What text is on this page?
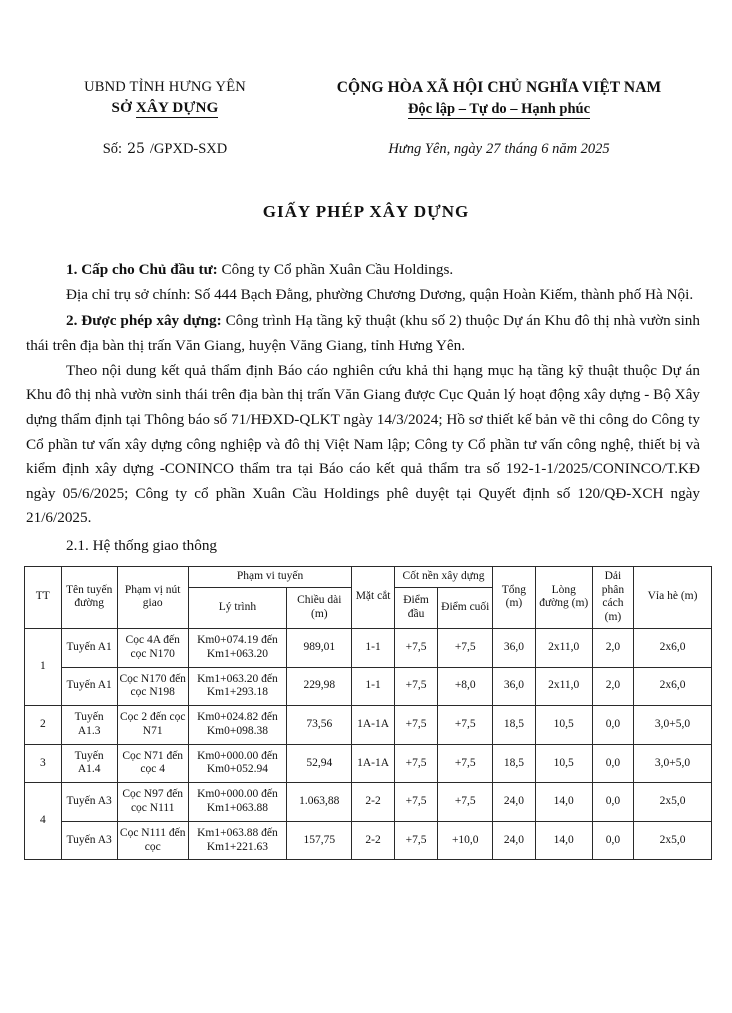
UBND TỈNH HƯNG YÊN
SỞ XÂY DỰNG
CỘNG HÒA XÃ HỘI CHỦ NGHĨA VIỆT NAM
Độc lập – Tự do – Hạnh phúc
Số: 25 /GPXD-SXD	Hưng Yên, ngày 27 tháng 6 năm 2025
GIẤY PHÉP XÂY DỰNG

1. Cấp cho Chủ đầu tư: Công ty Cổ phần Xuân Cầu Holdings.

Địa chỉ trụ sở chính: Số 444 Bạch Đằng, phường Chương Dương, quận Hoàn Kiếm, thành phố Hà Nội.

2. Được phép xây dựng: Công trình Hạ tầng kỹ thuật (khu số 2) thuộc Dự án Khu đô thị nhà vườn sinh thái trên địa bàn thị trấn Văn Giang, huyện Văng Giang, tỉnh Hưng Yên.

Theo nội dung kết quả thẩm định Báo cáo nghiên cứu khả thi hạng mục hạ tầng kỹ thuật thuộc Dự án Khu đô thị nhà vườn sinh thái trên địa bàn thị trấn Văn Giang được Cục Quản lý hoạt động xây dựng - Bộ Xây dựng thẩm định tại Thông báo số 71/HĐXD-QLKT ngày 14/3/2024; Hồ sơ thiết kế bản vẽ thi công do Công ty Cổ phần tư vấn xây dựng công nghiệp và đô thị Việt Nam lập; Công ty Cổ phần tư vấn công nghệ, thiết bị và kiểm định xây dựng -CONINCO thẩm tra tại Báo cáo kết quả thẩm tra số 192-1-1/2025/CONINCO/T.KĐ ngày 05/6/2025; Công ty cổ phần Xuân Cầu Holdings phê duyệt tại Quyết định số 120/QĐ-XCH ngày 21/6/2025.

2.1. Hệ thống giao thông

TT	Tên tuyến đường	Phạm vị nút giao	Phạm vi tuyến		Mặt cắt	Cốt nền xây dựng		Tổng (m)	Lòng đường (m)	Dải phân cách (m)	Vỉa hè (m)
			Lý trình	Chiều dài (m)		Điểm đầu	Điểm cuối				

1	Tuyến A1	Cọc 4A đến cọc N170	Km0+074.19 đến Km1+063.20	989,01	1-1	+7,5	+7,5	36,0	2x11,0	2,0	2x6,0
	Tuyến A1	Cọc N170 đến cọc N198	Km1+063.20 đến Km1+293.18	229,98	1-1	+7,5	+8,0	36,0	2x11,0	2,0	2x6,0
2	Tuyến A1.3	Cọc 2 đến cọc N71	Km0+024.82 đến Km0+098.38	73,56	1A-1A	+7,5	+7,5	18,5	10,5	0,0	3,0+5,0
3	Tuyến A1.4	Cọc N71 đến cọc 4	Km0+000.00 đến Km0+052.94	52,94	1A-1A	+7,5	+7,5	18,5	10,5	0,0	3,0+5,0
4	Tuyến A3	Cọc N97 đến cọc N111	Km0+000.00 đến Km1+063.88	1.063,88	2-2	+7,5	+7,5	24,0	14,0	0,0	2x5,0
	Tuyến A3	Cọc N111 đến cọc	Km1+063.88 đến Km1+221.63	157,75	2-2	+7,5	+10,0	24,0	14,0	0,0	2x5,0
